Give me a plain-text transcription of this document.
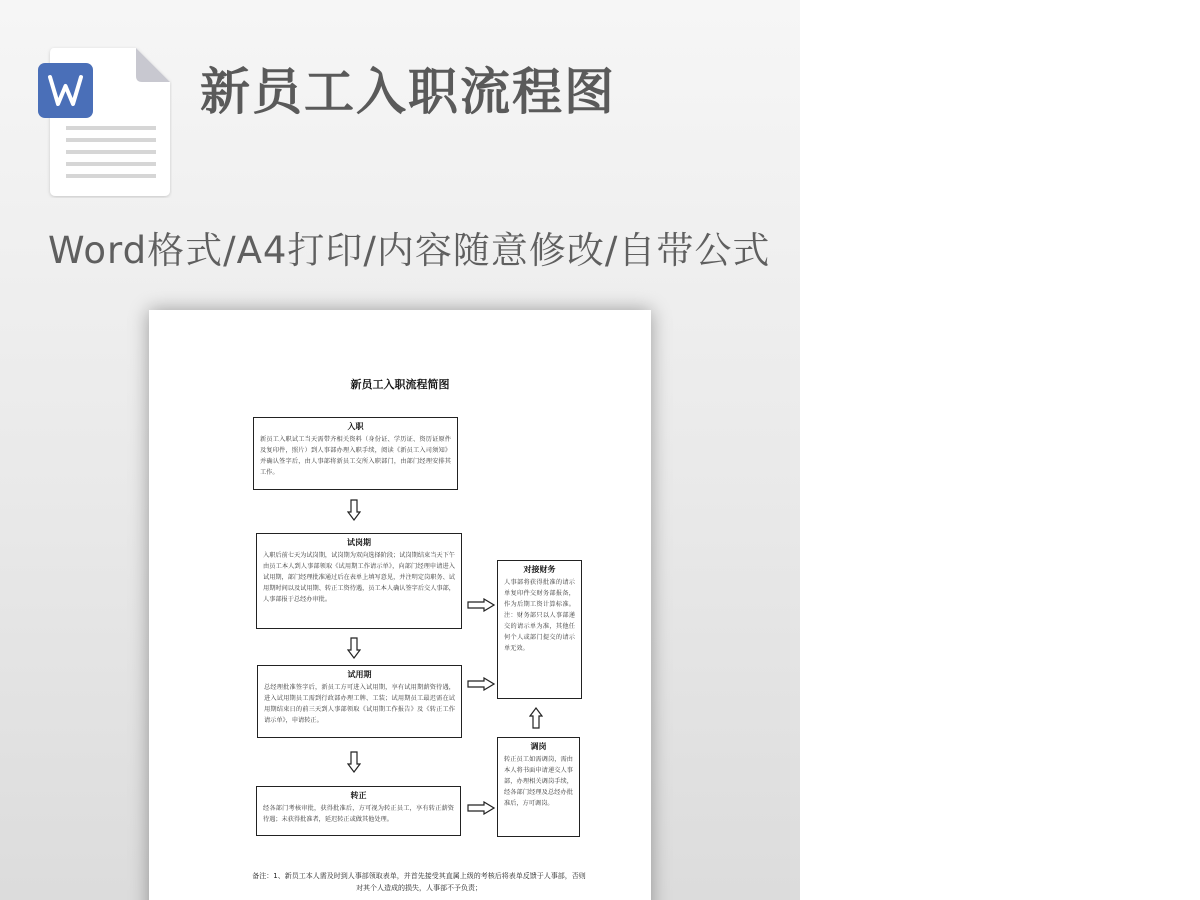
新员工入职流程图
Word格式/A4打印/内容随意修改/自带公式
新员工入职流程简图
入职
新员工入职试工当天需带齐相关资料（身份证、学历证、资历证原件及复印件，照片）到人事部办理入职手续，阅读《新员工入司须知》并确认签字后，由人事部将新员工交所入职部门，由部门经理安排其工作。
试岗期
入职后前七天为试岗期，试岗期为双向选择阶段；试岗期结束当天下午由员工本人到人事部领取《试用期工作请示单》，向部门经理申请进入试用期，部门经理批准通过后在表单上填写意见，并注明定岗职务、试用期时间以及试用期、转正工资待遇，员工本人确认签字后交人事部，人事部报于总经办审批。
试用期
总经理批准签字后，新员工方可进入试用期，享有试用期薪资待遇，进入试用期员工需到行政部办理工牌、工装；试用期员工最迟需在试用期结束日的前三天到人事部领取《试用期工作报告》及《转正工作请示单》，申请转正。
转正
经各部门考核审批，获得批准后，方可视为转正员工，享有转正薪资待遇；未获得批准者，延迟转正或做其他处理。
对接财务
人事部将获得批准的请示单复印件交财务部报备，作为后期工资计算标准。注：财务部只以人事部递交的请示单为准，其他任何个人或部门提交的请示单无效。
调岗
转正员工如需调岗，需由本人将书面申请递交人事部，办理相关调岗手续，经各部门经理及总经办批准后，方可调岗。
备注：1、新员工本人需及时到人事部领取表单，并首先接受其直属上级的考核后将表单反馈于人事部，否则对其个人造成的损失，人事部不予负责；
